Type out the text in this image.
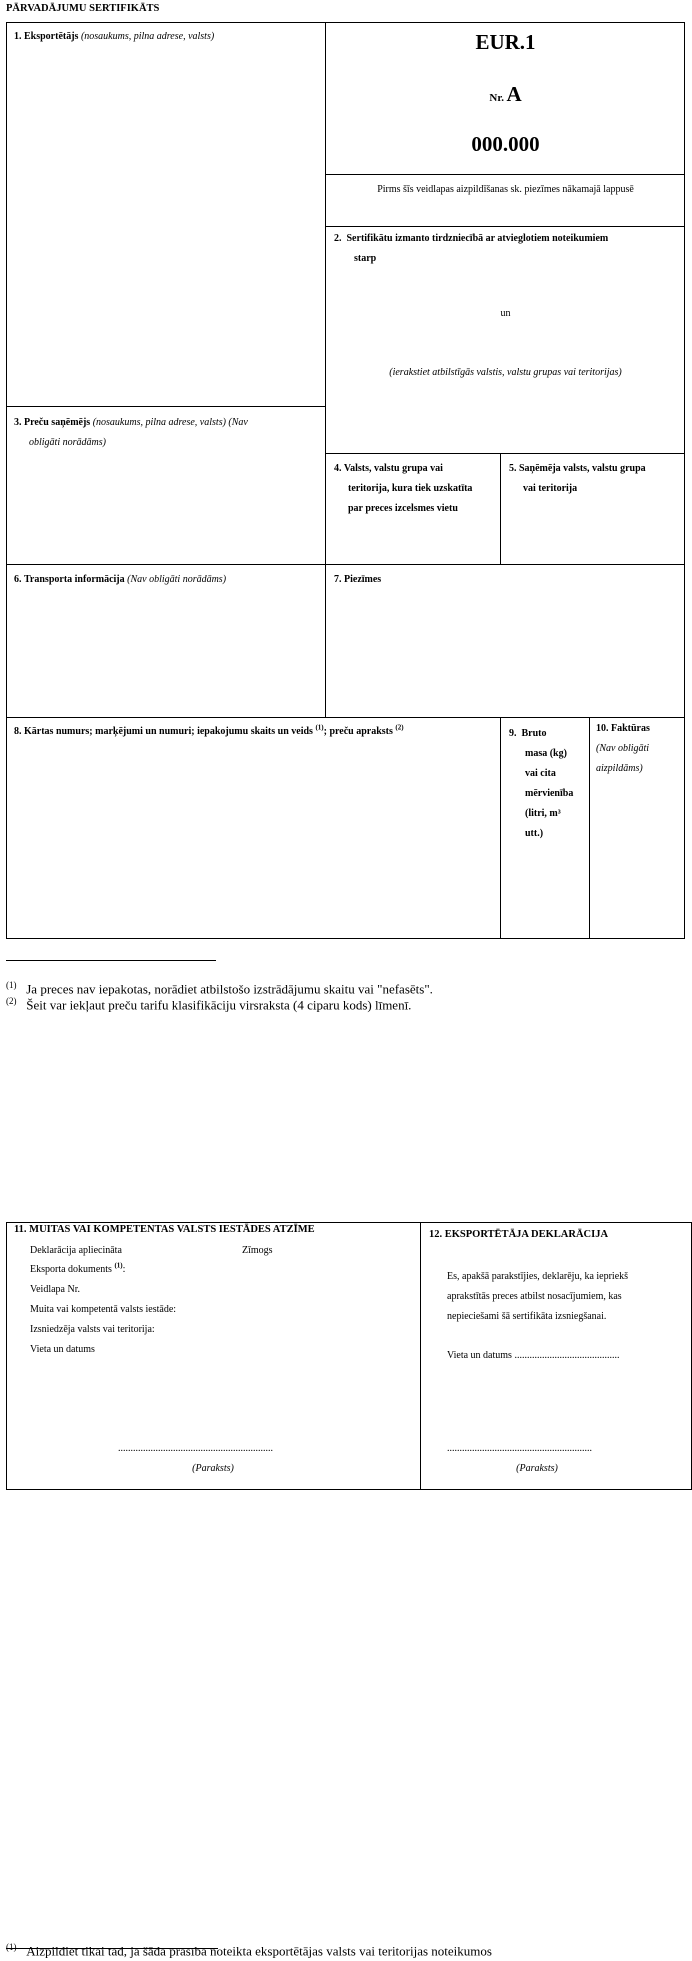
PĀRVADĀJUMU SERTIFIKĀTS
1. Eksportētājs (nosaukums, pilna adrese, valsts)	EUR.1
Nr. A
000.000
Pirms šīs veidlapas aizpildīšanas sk. piezīmes nākamajā lappusē
2. Sertifikātu izmanto tirdzniecībā ar atvieglotiem noteikumiem
starp
un
(ierakstiet atbilstīgās valstis, valstu grupas vai teritorijas)
3. Preču saņēmējs (nosaukums, pilna adrese, valsts) (Nav
obligāti norādāms)
4. Valsts, valstu grupa vai
teritorija, kura tiek uzskatīta
par preces izcelsmes vietu
5. Saņēmēja valsts, valstu grupa
vai teritorija
6. Transporta informācija (Nav obligāti norādāms)	7. Piezīmes
8. Kārtas numurs; marķējumi un numuri; iepakojumu skaits un veids $^{(1)}$; preču apraksts $^{(2)}$
9. Bruto
masa (kg)
vai cita
mērvienība
(litri, m³
utt.)
10. Faktūras
(Nav obligāti
aizpildāms)
$^{(1)}$ Ja preces nav iepakotas, norādiet atbilstošo izstrādājumu skaitu vai "nefasēts".
$^{(2)}$ Šeit var iekļaut preču tarifu klasifikāciju virsraksta (4 ciparu kods) līmenī.
11. MUITAS VAI KOMPETENTAS VALSTS IESTĀDES ATZĪME
Deklarācija apliecināta	Zīmogs
Eksporta dokuments $^{(1)}$:
Veidlapa Nr.
Muita vai kompetentā valsts iestāde:
Izsniedzēja valsts vai teritorija:
Vieta un datums
..............................................................
(Paraksts)
12. EKSPORTĒTĀJA DEKLARĀCIJA
Es, apakšā parakstījies, deklarēju, ka iepriekš
aprakstītās preces atbilst nosacījumiem, kas
nepieciešami šā sertifikāta izsniegšanai.
Vieta un datums ..........................................
..........................................................
(Paraksts)
$^{(1)}$ Aizpildiet tikai tad, ja šāda prasība noteikta eksportētājas valsts vai teritorijas noteikumos
